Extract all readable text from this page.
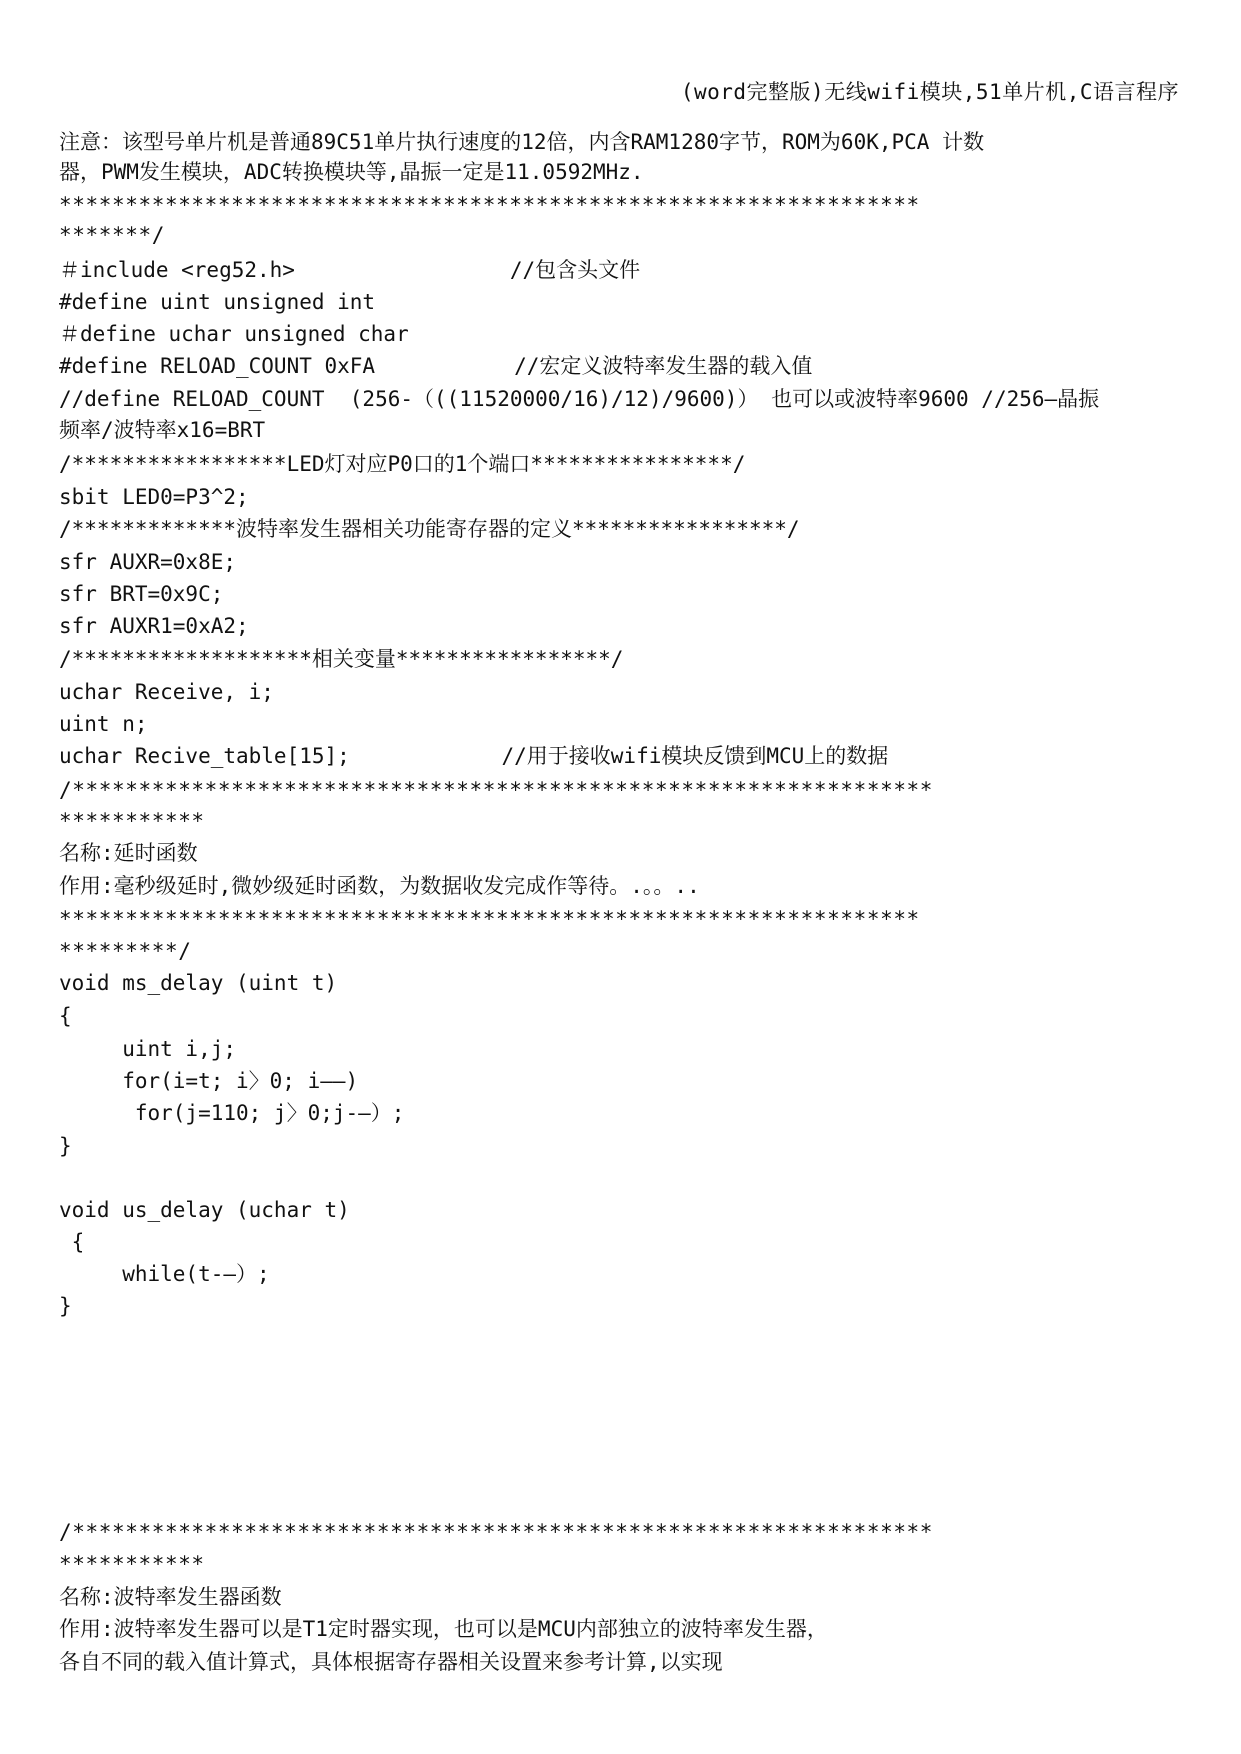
(word完整版)无线wifi模块,51单片机,C语言程序
注意：该型号单片机是普通89C51单片执行速度的12倍，内含RAM1280字节，ROM为60K,PCA 计数
器，PWM发生模块，ADC转换模块等,晶振一定是11.0592MHz.
*****************************************************************
*******/
＃include <reg52.h>                 //包含头文件
#define uint unsigned int
＃define uchar unsigned char
#define RELOAD_COUNT 0xFA           //宏定义波特率发生器的载入值
//define RELOAD_COUNT  (256-（((11520000/16)/12)/9600)） 也可以或波特率9600 //256—晶振
频率/波特率x16=BRT
/*****************LED灯对应P0口的1个端口****************/
sbit LED0=P3^2;
/*************波特率发生器相关功能寄存器的定义*****************/
sfr AUXR=0x8E;
sfr BRT=0x9C;
sfr AUXR1=0xA2;
/*******************相关变量*****************/
uchar Receive, i;
uint n;
uchar Recive_table[15];            //用于接收wifi模块反馈到MCU上的数据
/*****************************************************************
***********
名称:延时函数
作用:毫秒级延时,微妙级延时函数，为数据收发完成作等待。.。。..
*****************************************************************
*********/
void ms_delay (uint t)
{
uint i,j;
for(i=t; i〉0; i——)
for(j=110; j〉0;j-—）;
}
void us_delay (uchar t)
{
while(t-—）;
}
/*****************************************************************
***********
名称:波特率发生器函数
作用:波特率发生器可以是T1定时器实现，也可以是MCU内部独立的波特率发生器，
各自不同的载入值计算式，具体根据寄存器相关设置来参考计算,以实现
